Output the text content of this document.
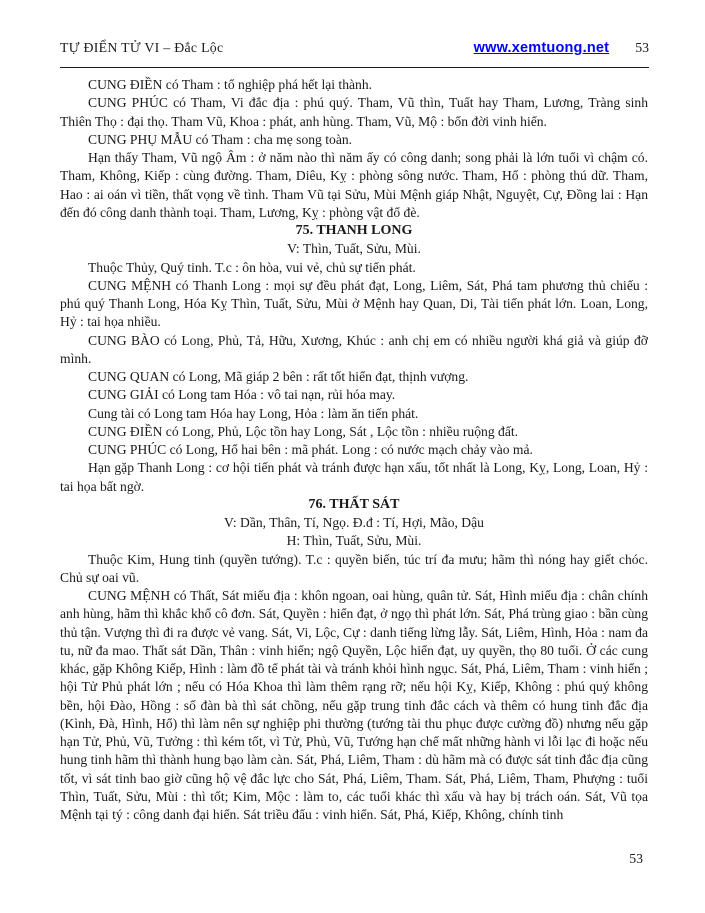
TỰ ĐIỂN TỬ VI – Đắc Lộc	www.xemtuong.net 53

CUNG ĐIỀN có Tham : tổ nghiệp phá hết lại thành.

CUNG PHÚC có Tham, Vi đắc địa : phú quý. Tham, Vũ thìn, Tuất hay Tham, Lương, Tràng sinh Thiên Thọ : đại thọ. Tham Vũ, Khoa : phát, anh hùng. Tham, Vũ, Mộ : bốn đời vinh hiển.

CUNG PHỤ MẪU có Tham : cha mẹ song toàn.

Hạn thấy Tham, Vũ ngộ Âm : ở năm nào thì năm ấy có công danh; song phải là lớn tuổi vì chậm có. Tham, Không, Kiếp : cùng đường. Tham, Diêu, Kỵ : phòng sông nước. Tham, Hổ : phòng thú dữ. Tham, Hao : ai oán vì tiền, thất vọng về tình. Tham Vũ tại Sửu, Mùi Mệnh giáp Nhật, Nguyệt, Cự, Đồng lai : Hạn đến đó công danh thành toại. Tham, Lương, Kỵ : phòng vật đổ đè.

75. THANH LONG

V: Thìn, Tuất, Sửu, Mùi.

Thuộc Thủy, Quý tinh. T.c : ôn hòa, vui vẻ, chủ sự tiến phát.

CUNG MỆNH có Thanh Long : mọi sự đều phát đạt, Long, Liêm, Sát, Phá tam phương thủ chiếu : phú quý Thanh Long, Hóa Kỵ Thìn, Tuất, Sửu, Mùi ở Mệnh hay Quan, Di, Tài tiến phát lớn. Loan, Long, Hỷ : tai họa nhiều.

CUNG BÀO có Long, Phủ, Tả, Hữu, Xương, Khúc : anh chị em có nhiều người khá giả và giúp đỡ mình.

CUNG QUAN có Long, Mã giáp 2 bên : rất tốt hiển đạt, thịnh vượng.

CUNG GIẢI có Long tam Hóa : vô tai nạn, rủi hóa may.

Cung tài có Long tam Hóa hay Long, Hỏa : làm ăn tiến phát.

CUNG ĐIỀN có Long, Phủ, Lộc tồn hay Long, Sát , Lộc tồn : nhiều ruộng đất.

CUNG PHÚC có Long, Hổ hai bên : mã phát. Long : có nước mạch chảy vào mả.

Hạn gặp Thanh Long : cơ hội tiến phát và tránh được hạn xấu, tốt nhất là Long, Kỵ, Long, Loan, Hỷ : tai họa bất ngờ.

76. THẤT SÁT

V: Dần, Thân, Tí, Ngọ. Đ.đ : Tí, Hợi, Mão, Dậu

H: Thìn, Tuất, Sửu, Mùi.

Thuộc Kim, Hung tinh (quyền tướng). T.c : quyền biến, túc trí đa mưu; hãm thì nóng hay giết chóc. Chủ sự oai vũ.

CUNG MỆNH có Thất, Sát miếu địa : khôn ngoan, oai hùng, quân tử. Sát, Hình miếu địa : chân chính anh hùng, hãm thì khắc khổ cô đơn. Sát, Quyền : hiển đạt, ở ngọ thì phát lớn. Sát, Phá trùng giao : bần cùng thủ tận. Vượng thì đi ra được vẻ vang. Sát, Vi, Lộc, Cự : danh tiếng lừng lẫy. Sát, Liêm, Hình, Hỏa : nam đa tu, nữ đa mao. Thất sát Dần, Thân : vinh hiển; ngộ Quyền, Lộc hiển đạt, uy quyền, thọ 80 tuổi. Ở các cung khác, gặp Không Kiếp, Hình : làm đồ tể phát tài và tránh khỏi hình ngục. Sát, Phá, Liêm, Tham : vinh hiển ; hội Tử Phủ phát lớn ; nếu có Hóa Khoa thì làm thêm rạng rỡ; nếu hội Kỵ, Kiếp, Không : phú quý không bền, hội Đào, Hồng : số đàn bà thì sát chồng, nếu gặp trung tinh đắc cách và thêm có hung tinh đắc địa (Kình, Đà, Hình, Hổ) thì làm nên sự nghiệp phi thường (tướng tài thu phục được cường đồ) nhưng nếu gặp hạn Tử, Phủ, Vũ, Tưởng : thì kém tốt, vì Tử, Phủ, Vũ, Tướng hạn chế mất những hành vi lỗi lạc đi hoặc nếu hung tinh hãm thì thành hung bạo làm càn. Sát, Phá, Liêm, Tham : dù hãm mà có được sát tinh đắc địa cũng tốt, vì sát tinh bao giờ cũng hộ vệ đắc lực cho Sát, Phá, Liêm, Tham. Sát, Phá, Liêm, Tham, Phượng : tuổi Thìn, Tuất, Sửu, Mùi : thì tốt; Kim, Mộc : làm to, các tuổi khác thì xấu và hay bị trách oán. Sát, Vũ tọa Mệnh tại tý : công danh đại hiển. Sát triều đẩu : vinh hiển. Sát, Phá, Kiếp, Không, chính tinh

53
